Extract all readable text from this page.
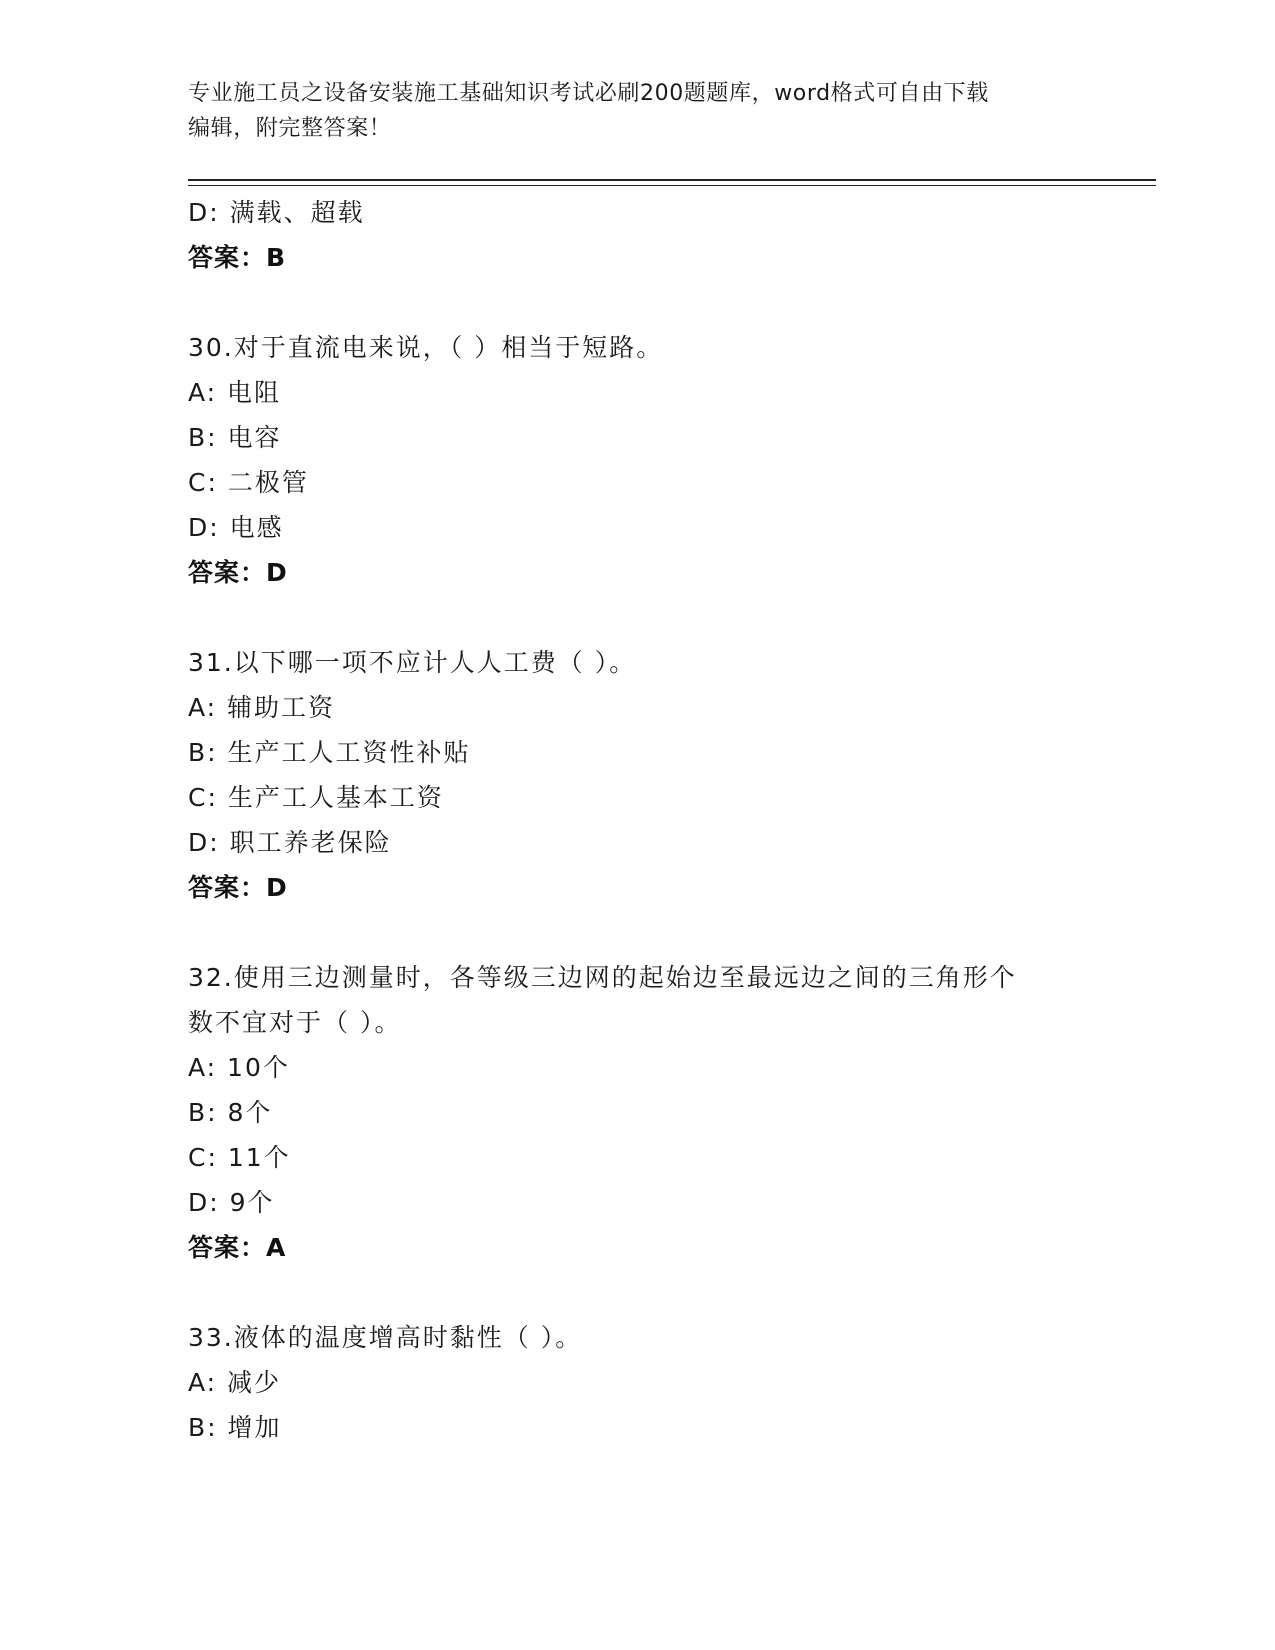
专业施工员之设备安装施工基础知识考试必刷200题题库，word格式可自由下载
编辑，附完整答案！
D: 满载、超载
答案：B
30.对于直流电来说，（ ）相当于短路。
A: 电阻
B: 电容
C: 二极管
D: 电感
答案：D
31.以下哪一项不应计人人工费（ ）。
A: 辅助工资
B: 生产工人工资性补贴
C: 生产工人基本工资
D: 职工养老保险
答案：D
32.使用三边测量时，各等级三边网的起始边至最远边之间的三角形个
数不宜对于（ ）。
A: 10个
B: 8个
C: 11个
D: 9个
答案：A
33.液体的温度增高时黏性（ ）。
A: 减少
B: 增加
